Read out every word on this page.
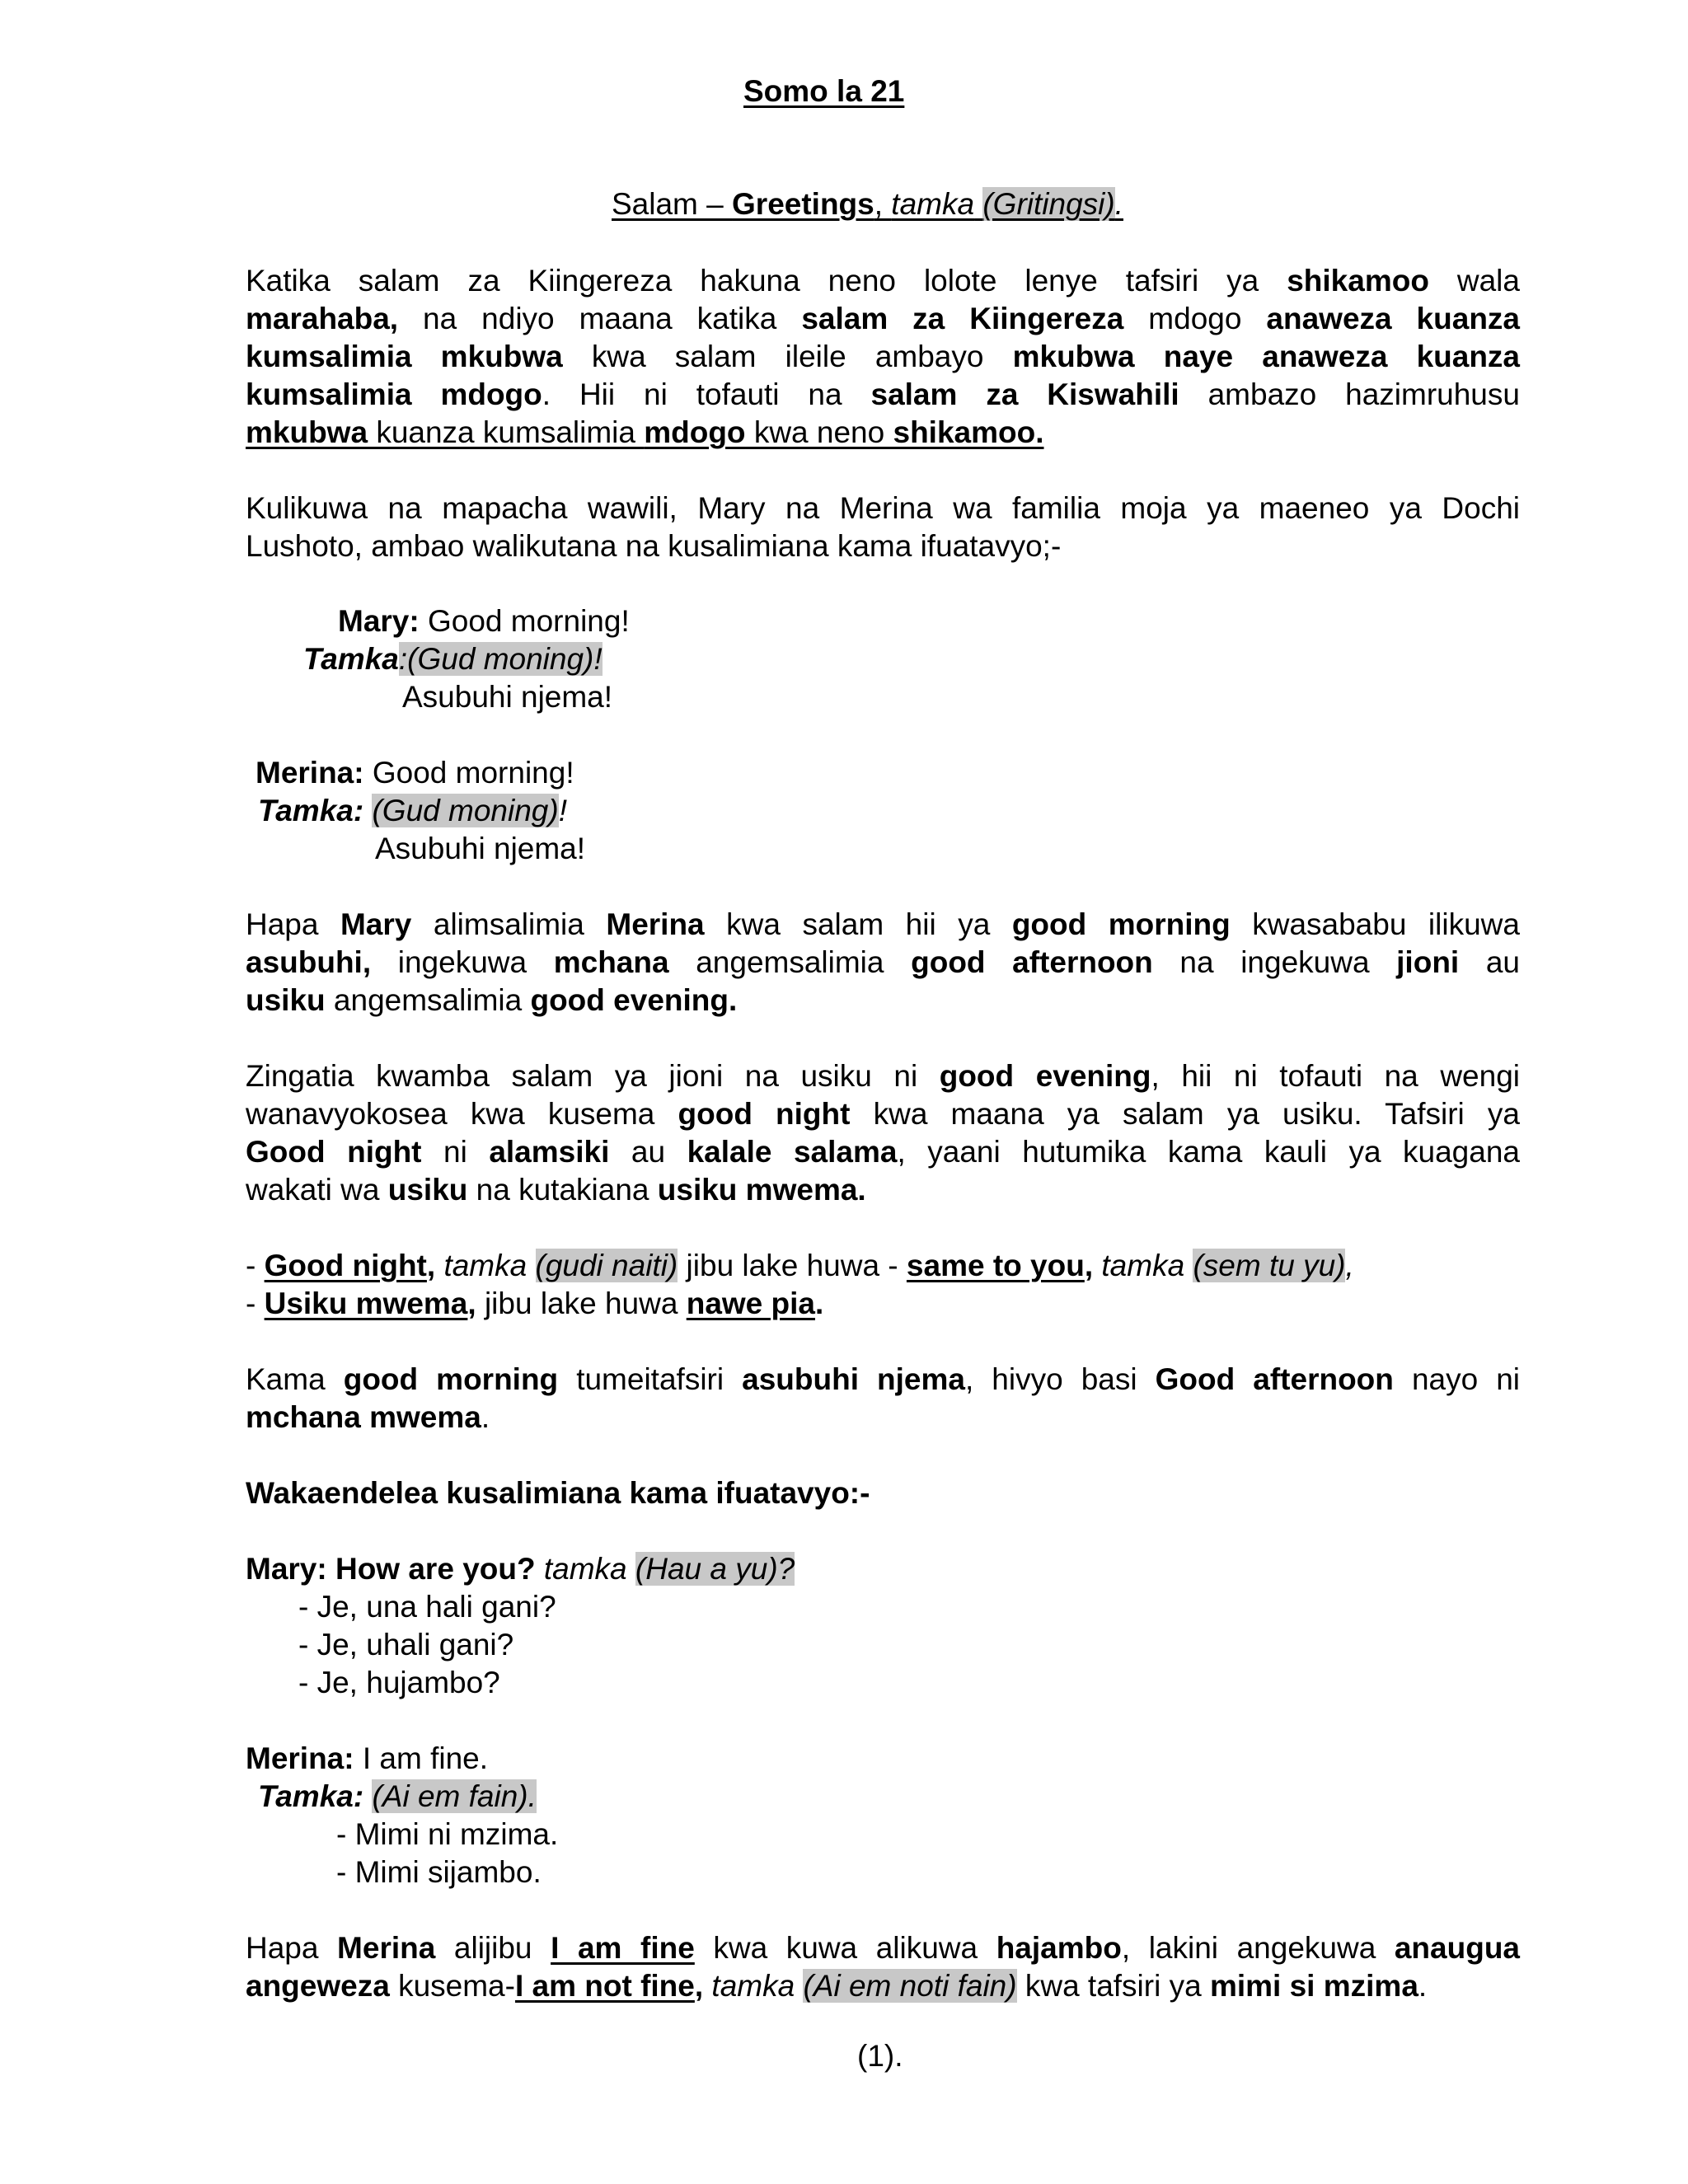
Somo la 21
Salam – Greetings, tamka (Gritingsi).
Katika salam za Kiingereza hakuna neno lolote lenye tafsiri ya shikamoo wala
marahaba, na ndiyo maana katika salam za Kiingereza mdogo anaweza kuanza
kumsalimia mkubwa kwa salam ileile ambayo mkubwa naye anaweza kuanza
kumsalimia mdogo. Hii ni tofauti na salam za Kiswahili ambazo hazimruhusu
mkubwa kuanza kumsalimia mdogo kwa neno shikamoo.
Kulikuwa na mapacha wawili, Mary na Merina wa familia moja ya maeneo ya Dochi
Lushoto, ambao walikutana na kusalimiana kama ifuatavyo;-
Mary: Good morning!
Tamka:(Gud moning)!
Asubuhi njema!
Merina: Good morning!
Tamka: (Gud moning)!
Asubuhi njema!
Hapa Mary alimsalimia Merina kwa salam hii ya good morning kwasababu ilikuwa
asubuhi, ingekuwa mchana angemsalimia good afternoon na ingekuwa jioni au
usiku angemsalimia good evening.
Zingatia kwamba salam ya jioni na usiku ni good evening, hii ni tofauti na wengi
wanavyokosea kwa kusema good night kwa maana ya salam ya usiku. Tafsiri ya
Good night ni alamsiki au kalale salama, yaani hutumika kama kauli ya kuagana
wakati wa usiku na kutakiana usiku mwema.
- Good night, tamka (gudi naiti) jibu lake huwa - same to you, tamka (sem tu yu),
- Usiku mwema, jibu lake huwa nawe pia.
Kama good morning tumeitafsiri asubuhi njema, hivyo basi Good afternoon nayo ni
mchana mwema.
Wakaendelea kusalimiana kama ifuatavyo:-
Mary: How are you? tamka (Hau a yu)?
- Je, una hali gani?
- Je, uhali gani?
- Je, hujambo?
Merina: I am fine.
Tamka: (Ai em fain).
- Mimi ni mzima.
- Mimi sijambo.
Hapa Merina alijibu I am fine kwa kuwa alikuwa hajambo, lakini angekuwa anaugua
angeweza kusema-I am not fine, tamka (Ai em noti fain) kwa tafsiri ya mimi si mzima.
(1).
